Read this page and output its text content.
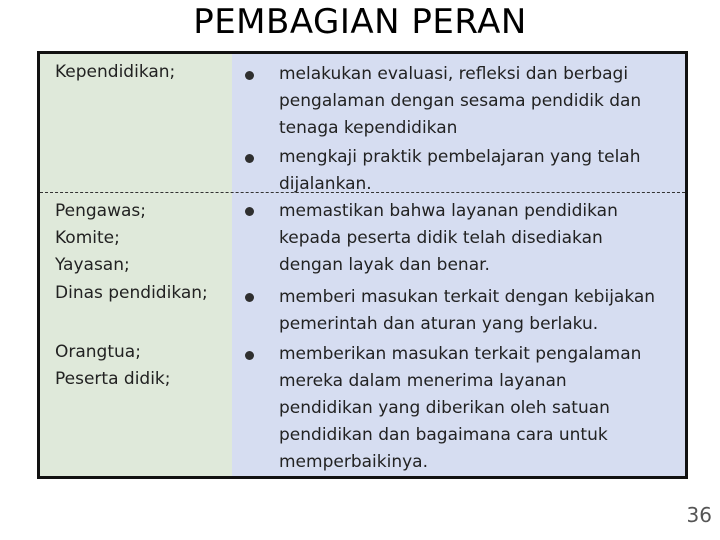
PEMBAGIAN PERAN
Kependidikan;	melakukan evaluasi, refleksi dan berbagi
pengalaman dengan sesama pendidik dan
tenaga kependidikan
mengkaji praktik pembelajaran yang telah
dijalankan.
Pengawas;
Komite;
Yayasan;
Dinas pendidikan;
Orangtua;
Peserta didik;
memastikan bahwa layanan pendidikan
kepada peserta didik telah disediakan
dengan layak dan benar.
memberi masukan terkait dengan kebijakan
pemerintah dan aturan yang berlaku.
memberikan masukan terkait pengalaman
mereka dalam menerima layanan
pendidikan yang diberikan oleh satuan
pendidikan dan bagaimana cara untuk
memperbaikinya.
36
